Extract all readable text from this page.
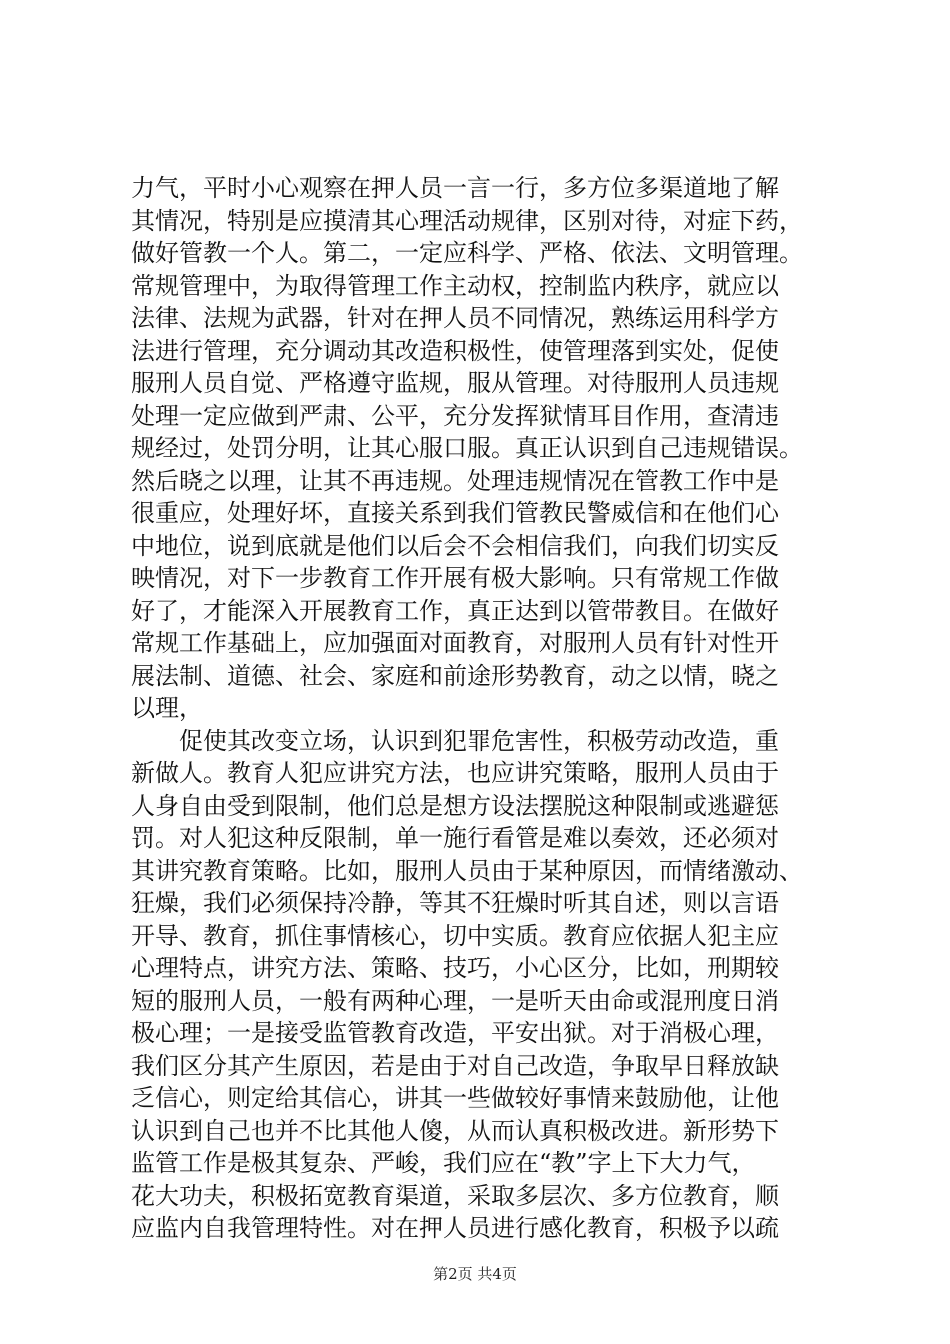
力气，平时小心观察在押人员一言一行，多方位多渠道地了解
其情况，特别是应摸清其心理活动规律，区别对待，对症下药，
做好管教一个人。第二，一定应科学、严格、依法、文明管理。
常规管理中，为取得管理工作主动权，控制监内秩序，就应以
法律、法规为武器，针对在押人员不同情况，熟练运用科学方
法进行管理，充分调动其改造积极性，使管理落到实处，促使
服刑人员自觉、严格遵守监规，服从管理。对待服刑人员违规
处理一定应做到严肃、公平，充分发挥狱情耳目作用，查清违
规经过，处罚分明，让其心服口服。真正认识到自己违规错误。
然后晓之以理，让其不再违规。处理违规情况在管教工作中是
很重应，处理好坏，直接关系到我们管教民警威信和在他们心
中地位，说到底就是他们以后会不会相信我们，向我们切实反
映情况，对下一步教育工作开展有极大影响。只有常规工作做
好了，才能深入开展教育工作，真正达到以管带教目。在做好
常规工作基础上，应加强面对面教育，对服刑人员有针对性开
展法制、道德、社会、家庭和前途形势教育，动之以情，晓之
以理，
促使其改变立场，认识到犯罪危害性，积极劳动改造，重
新做人。教育人犯应讲究方法，也应讲究策略，服刑人员由于
人身自由受到限制，他们总是想方设法摆脱这种限制或逃避惩
罚。对人犯这种反限制，单一施行看管是难以奏效，还必须对
其讲究教育策略。比如，服刑人员由于某种原因，而情绪激动、
狂燥，我们必须保持冷静，等其不狂燥时听其自述，则以言语
开导、教育，抓住事情核心，切中实质。教育应依据人犯主应
心理特点，讲究方法、策略、技巧，小心区分，比如，刑期较
短的服刑人员，一般有两种心理，一是听天由命或混刑度日消
极心理；一是接受监管教育改造，平安出狱。对于消极心理，
我们区分其产生原因，若是由于对自己改造，争取早日释放缺
乏信心，则定给其信心，讲其一些做较好事情来鼓励他，让他
认识到自己也并不比其他人傻，从而认真积极改进。新形势下
监管工作是极其复杂、严峻，我们应在“教”字上下大力气，
花大功夫，积极拓宽教育渠道，采取多层次、多方位教育，顺
应监内自我管理特性。对在押人员进行感化教育，积极予以疏
第2页 共4页
